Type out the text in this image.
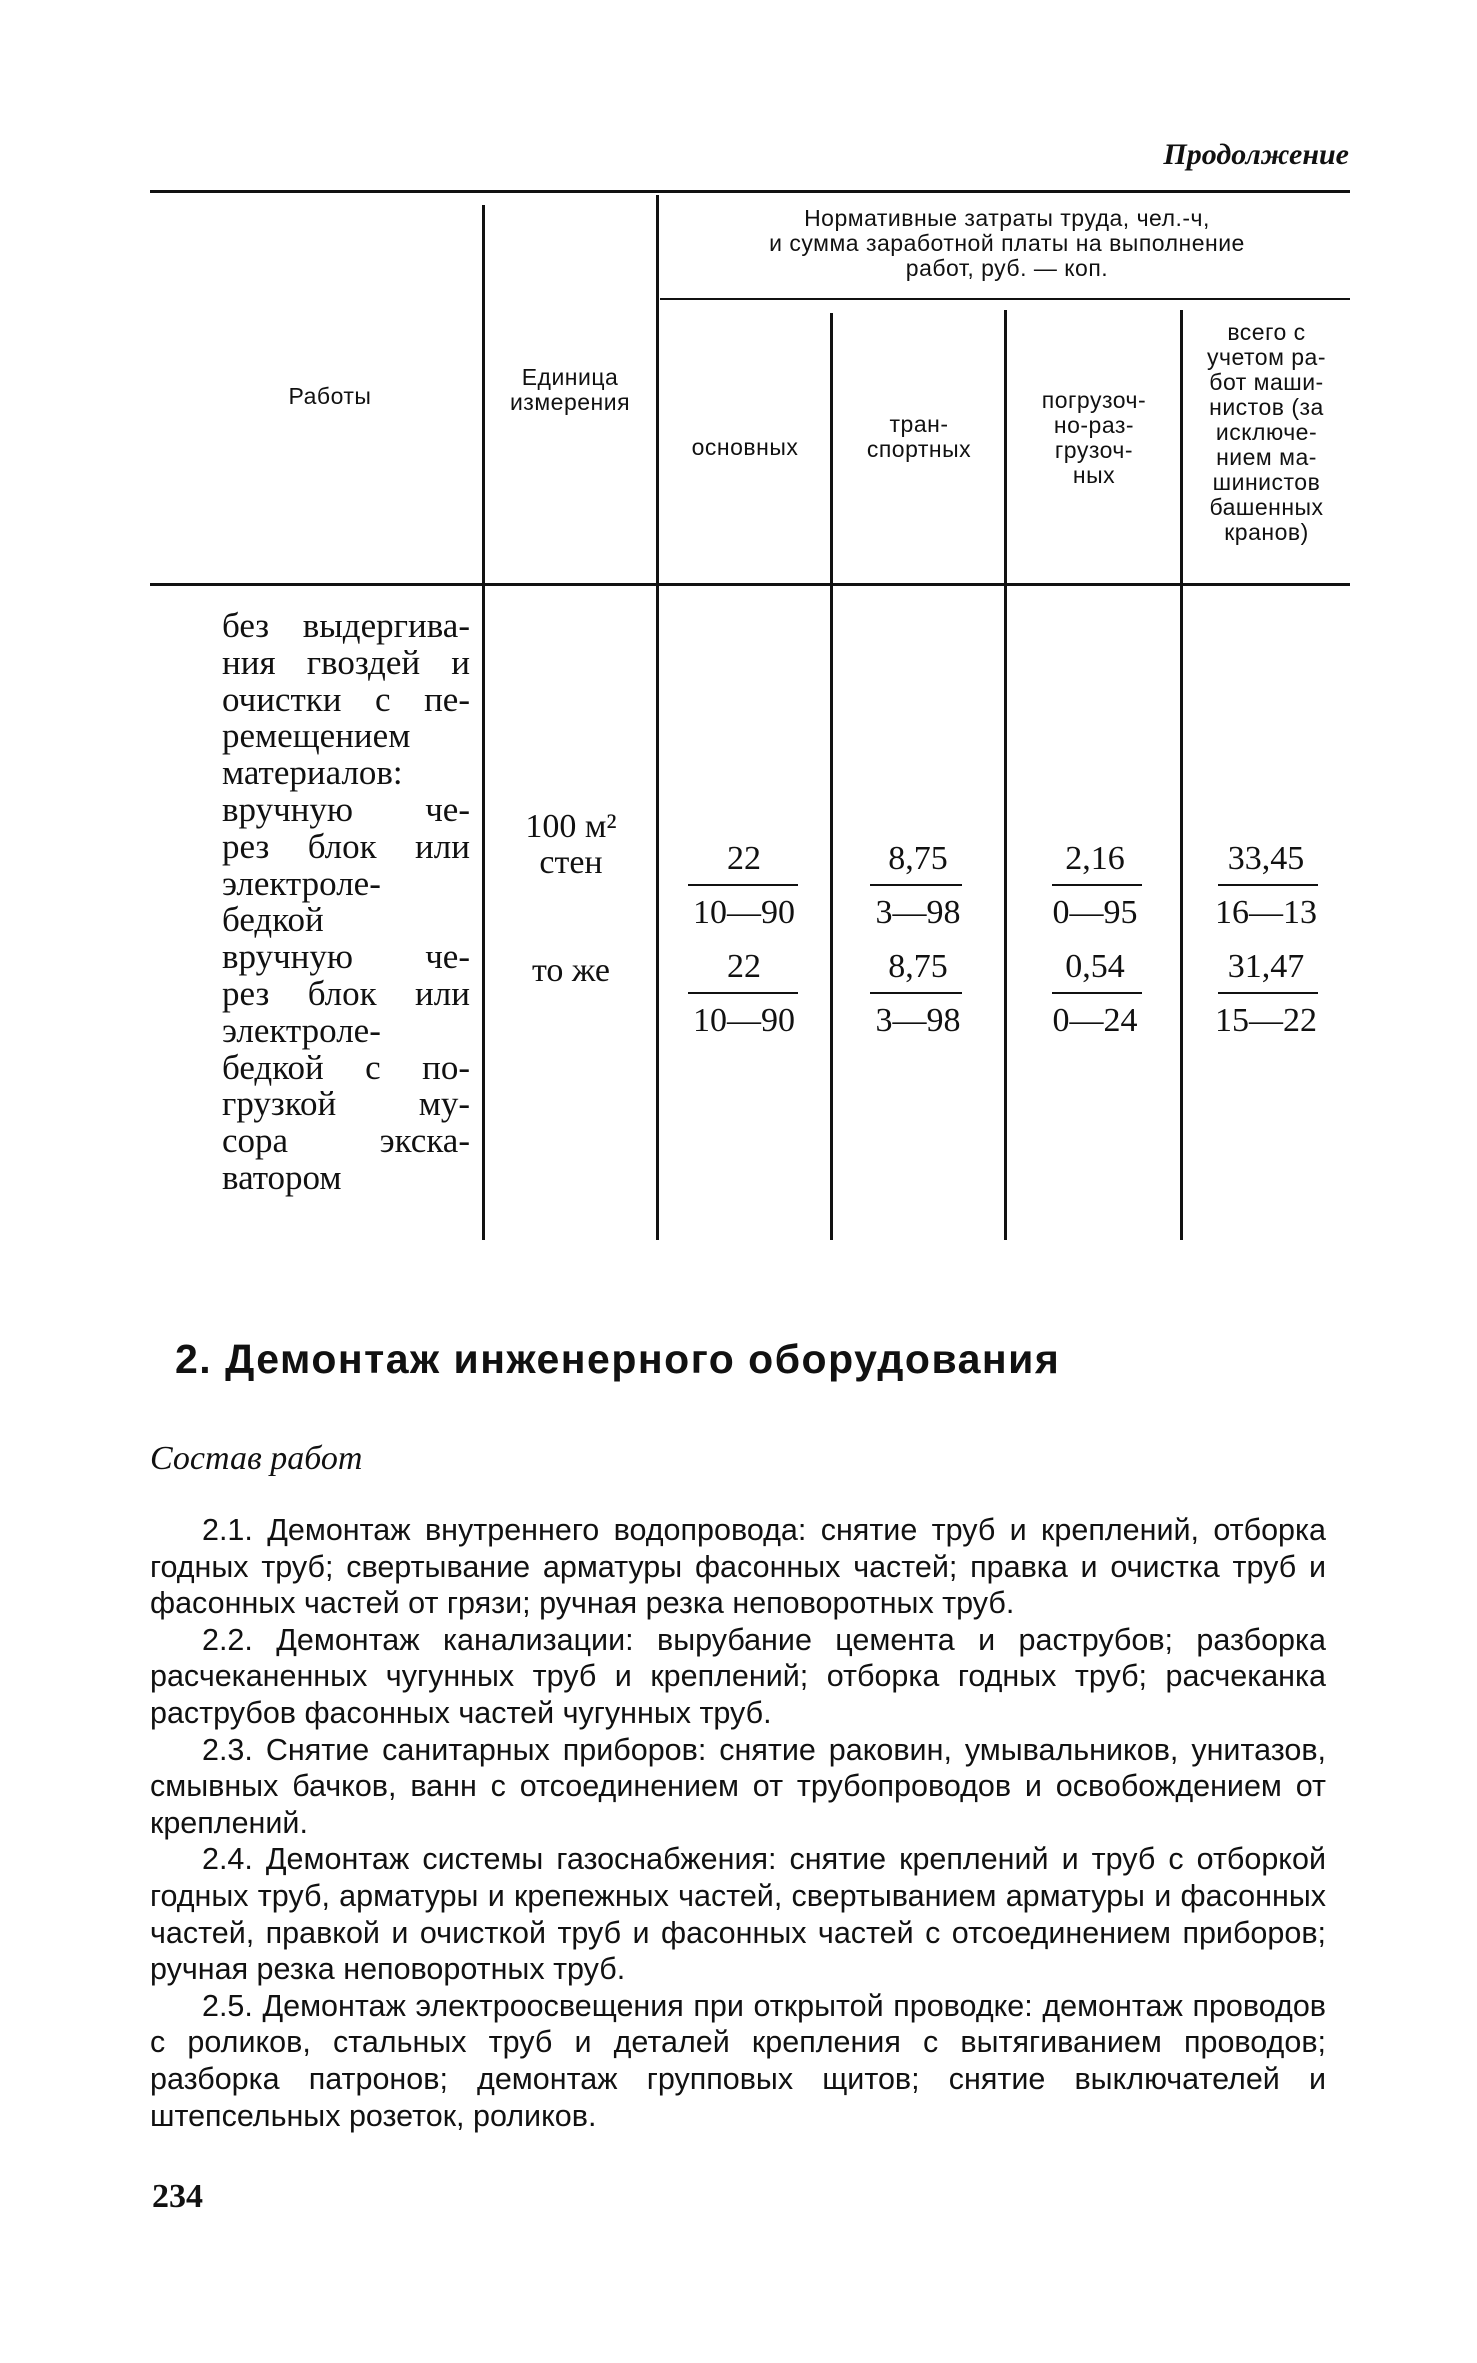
Продолжение
Работы
Единица
измерения
Нормативные затраты труда, чел.-ч,
и сумма заработной платы на выполнение
работ, руб. — коп.
основных
тран-
спортных
погрузоч-
но-раз-
грузоч-
ных
всего с
учетом ра-
бот маши-
нистов (за
исключе-
нием ма-
шинистов
башенных
кранов)
без выдергива-
ния гвоздей и
очистки с пе-
ремещением
материалов:
вручную че-
рез блок или
электроле-
бедкой
вручную че-
рез блок или
электроле-
бедкой с по-
грузкой му-
сора	экска-
ватором
100 м²
стен
то же
22
10—90
8,75
3—98
2,16
0—95
33,45
16—13
22
10—90
8,75
3—98
0,54
0—24
31,47
15—22
2. Демонтаж инженерного оборудования
Состав работ
2.1. Демонтаж внутреннего водопровода: снятие труб и креплений, отборка годных труб; свертывание арматуры фасонных частей; правка и очистка труб и фасонных частей от грязи; ручная резка неповоротных труб.
2.2. Демонтаж канализации: вырубание цемента и раструбов; разборка расчеканенных чугунных труб и креплений; отборка годных труб; расчеканка раструбов фасонных частей чугунных труб.
2.3. Снятие санитарных приборов: снятие раковин, умывальников, унитазов, смывных бачков, ванн с отсоединением от трубопроводов и освобождением от креплений.
2.4. Демонтаж системы газоснабжения: снятие креплений и труб с отборкой годных труб, арматуры и крепежных частей, свертыванием арматуры и фасонных частей, правкой и очисткой труб и фасонных частей с отсоединением приборов; ручная резка неповоротных труб.
2.5. Демонтаж электроосвещения при открытой проводке: демонтаж проводов с роликов, стальных труб и деталей крепления с вытягиванием проводов; разборка патронов; демонтаж групповых щитов; снятие выключателей и штепсельных розеток, роликов.
234
